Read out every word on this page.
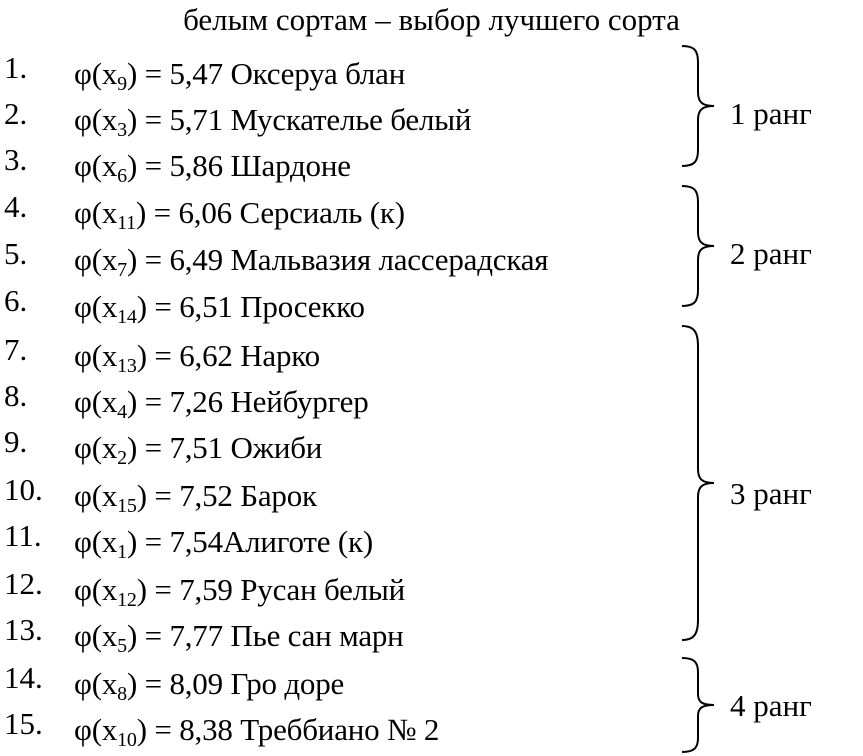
белым сортам – выбор лучшего сорта
1. $\varphi(x_9) = 5,47$ Оксеруа блан
2. $\varphi(x_3) = 5,71$ Мускателье белый
3. $\varphi(x_6) = 5,86$ Шардоне
4. $\varphi(x_{11}) = 6,06$ Серсиаль (к)
5. $\varphi(x_7) = 6,49$ Мальвазия лассерадская
6. $\varphi(x_{14}) = 6,51$ Просекко
7. $\varphi(x_{13}) = 6,62$ Нарко
8. $\varphi(x_4) = 7,26$ Нейбургер
9. $\varphi(x_2) = 7,51$ Ожиби
10. $\varphi(x_{15}) = 7,52$ Барок
11. $\varphi(x_1)$ = 7,54Алиготе (к)
12. $\varphi(x_{12}) = 7,59$ Русан белый
13. $\varphi(x_5) = 7,77$ Пье сан марн
14. $\varphi(x_8) = 8,09$ Гро доре
15. $\varphi(x_{10}) = 8,38$ Треббиано № 2
1 ранг
2 ранг
3 ранг
4 ранг
